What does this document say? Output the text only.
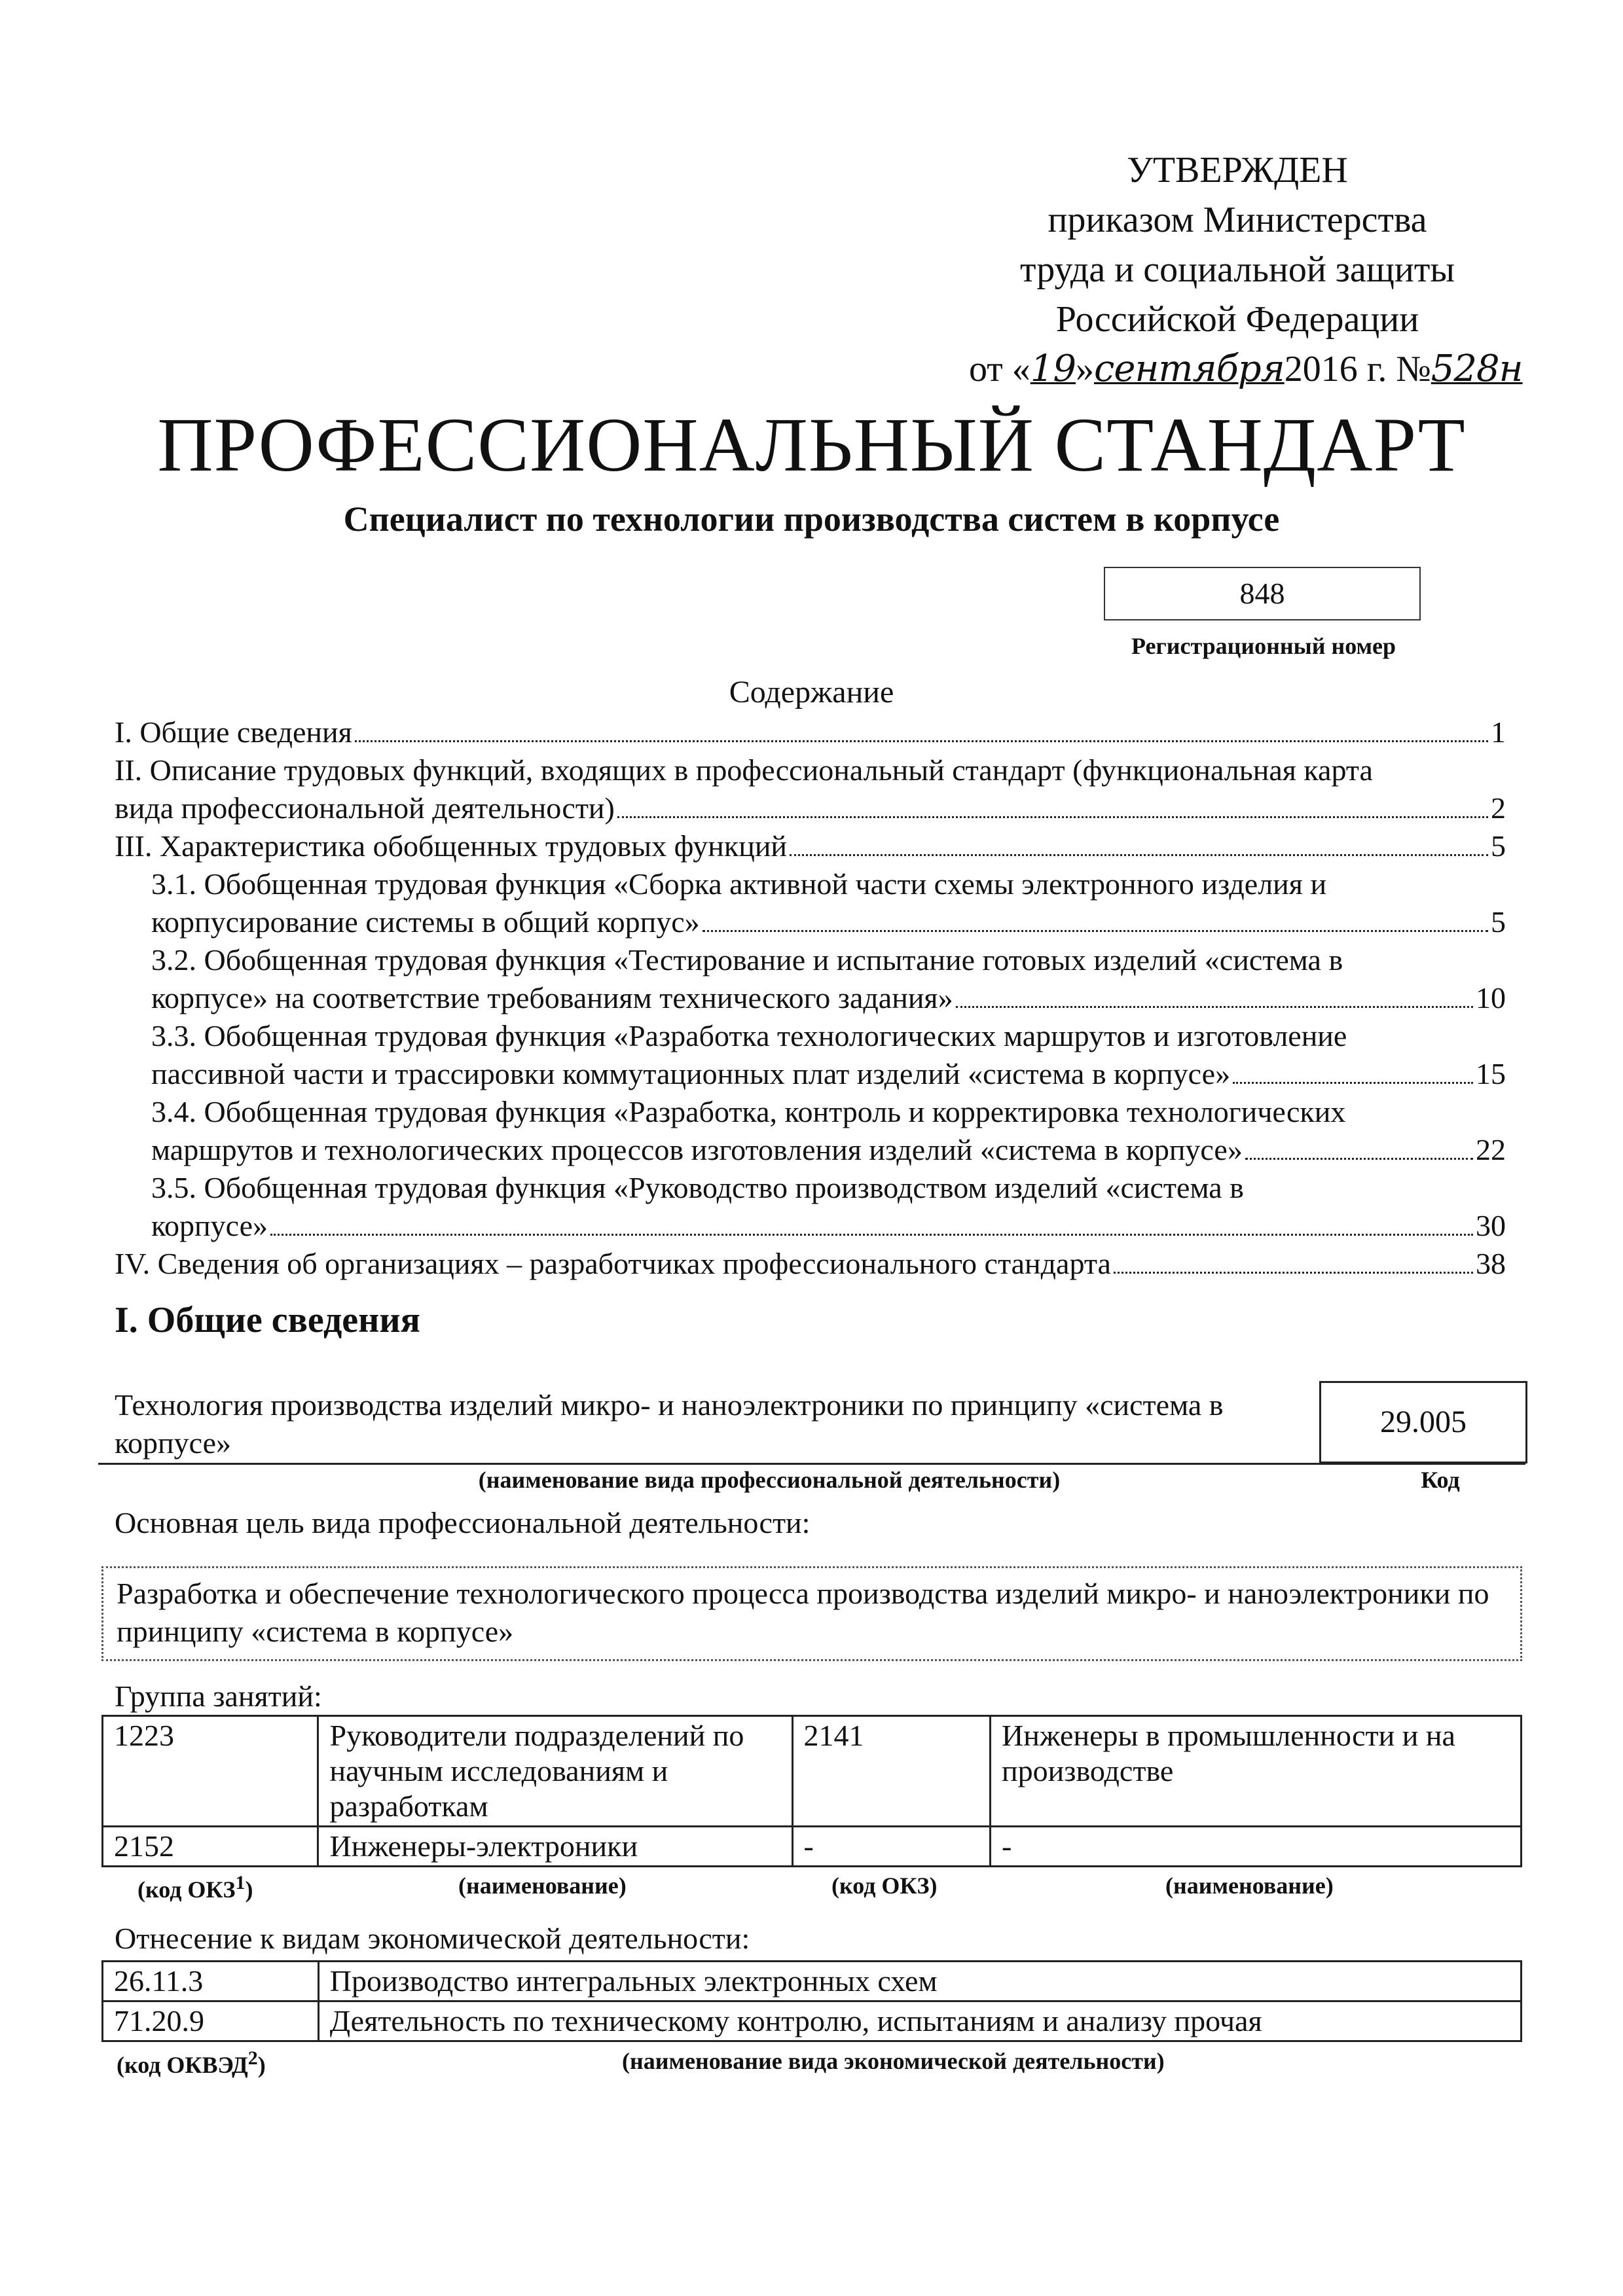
УТВЕРЖДЕН
приказом Министерства
труда и социальной защиты
Российской Федерации
от «19»сентября2016 г. №528н
ПРОФЕССИОНАЛЬНЫЙ СТАНДАРТ
Специалист по технологии производства систем в корпусе
848
Регистрационный номер
Содержание
I. Общие сведения	1
II. Описание трудовых функций, входящих в профессиональный стандарт (функциональная карта
вида профессиональной деятельности)	2
III. Характеристика обобщенных трудовых функций	5
3.1. Обобщенная трудовая функция «Сборка активной части схемы электронного изделия и
корпусирование системы в общий корпус»	5
3.2. Обобщенная трудовая функция «Тестирование и испытание готовых изделий «система в
корпусе» на соответствие требованиям технического задания»	10
3.3. Обобщенная трудовая функция «Разработка технологических маршрутов и изготовление
пассивной части и трассировки коммутационных плат изделий «система в корпусе»	15
3.4. Обобщенная трудовая функция «Разработка, контроль и корректировка технологических
маршрутов и технологических процессов изготовления изделий «система в корпусе»	22
3.5. Обобщенная трудовая функция «Руководство производством изделий «система в
корпусе»	30
IV. Сведения об организациях – разработчиках профессионального стандарта	38
I. Общие сведения
Технология производства изделий микро- и наноэлектроники по принципу «система в корпусе»
29.005
(наименование вида профессиональной деятельности)	Код
Основная цель вида профессиональной деятельности:
Разработка и обеспечение технологического процесса производства изделий микро- и наноэлектроники по принципу «система в корпусе»
Группа занятий:
1223	Руководители подразделений по научным исследованиям и разработкам	2141	Инженеры в промышленности и на производстве
2152	Инженеры-электроники	-	-
(код ОКЗ$^1$)	(наименование)	(код ОКЗ)	(наименование)
Отнесение к видам экономической деятельности:
26.11.3	Производство интегральных электронных схем
71.20.9	Деятельность по техническому контролю, испытаниям и анализу прочая
(код ОКВЭД$^2$)	(наименование вида экономической деятельности)
